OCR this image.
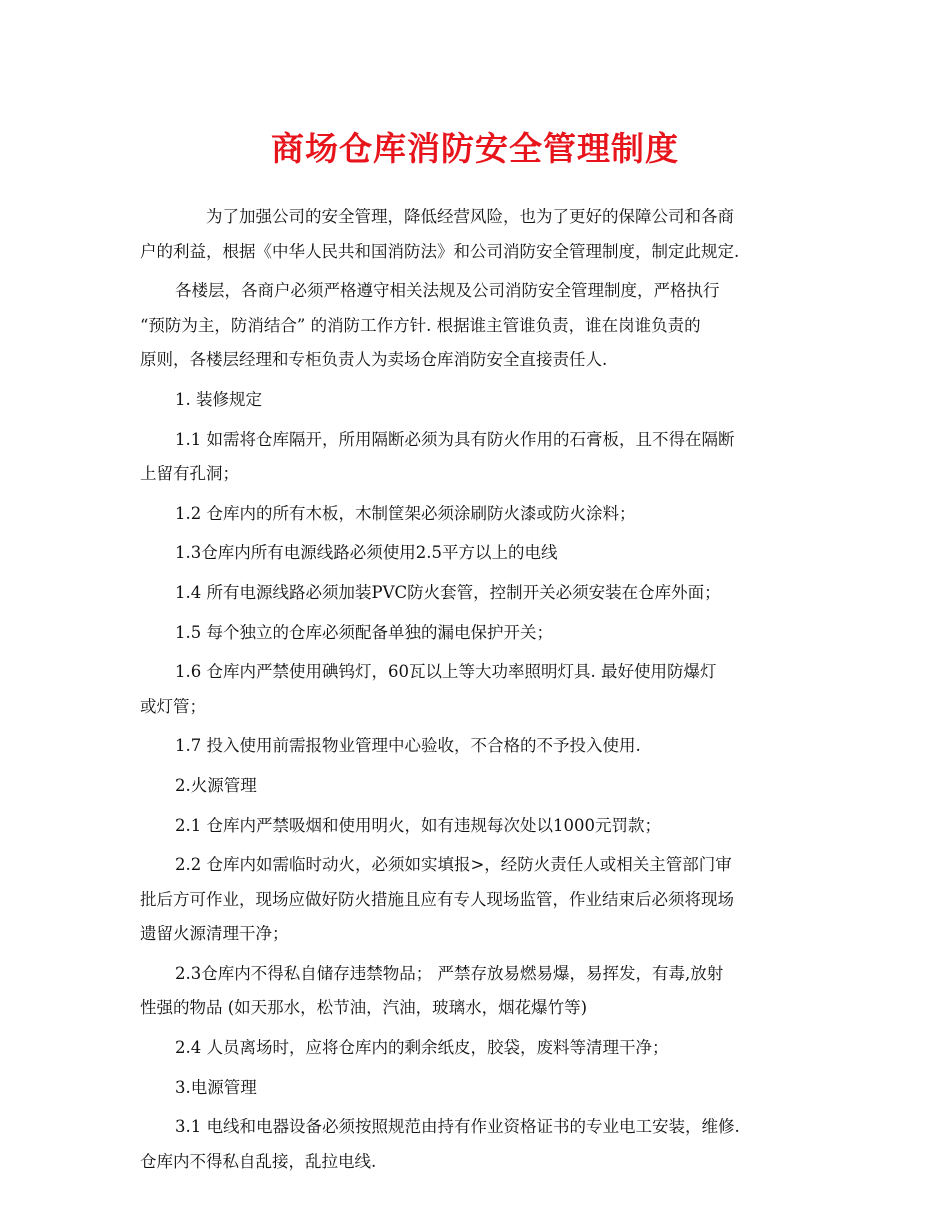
商场仓库消防安全管理制度

为了加强公司的安全管理，降低经营风险，也为了更好的保障公司和各商
户的利益，根据《中华人民共和国消防法》和公司消防安全管理制度，制定此规定.

各楼层，各商户必须严格遵守相关法规及公司消防安全管理制度，严格执行
“预防为主，防消结合” 的消防工作方针. 根据谁主管谁负责，谁在岗谁负责的
原则，各楼层经理和专柜负责人为卖场仓库消防安全直接责任人.

1. 装修规定

1.1 如需将仓库隔开，所用隔断必须为具有防火作用的石膏板，且不得在隔断
上留有孔洞；

1.2 仓库内的所有木板，木制筐架必须涂刷防火漆或防火涂料；

1.3仓库内所有电源线路必须使用2.5平方以上的电线

1.4 所有电源线路必须加装PVC防火套管，控制开关必须安装在仓库外面；

1.5 每个独立的仓库必须配备单独的漏电保护开关；

1.6 仓库内严禁使用碘钨灯，60瓦以上等大功率照明灯具. 最好使用防爆灯
或灯管；

1.7 投入使用前需报物业管理中心验收，不合格的不予投入使用.

2.火源管理

2.1 仓库内严禁吸烟和使用明火，如有违规每次处以1000元罚款；

2.2 仓库内如需临时动火，必须如实填报>，经防火责任人或相关主管部门审
批后方可作业，现场应做好防火措施且应有专人现场监管，作业结束后必须将现场
遗留火源清理干净；

2.3仓库内不得私自储存违禁物品； 严禁存放易燃易爆，易挥发，有毒,放射
性强的物品 (如天那水，松节油，汽油，玻璃水，烟花爆竹等)

2.4 人员离场时，应将仓库内的剩余纸皮，胶袋，废料等清理干净；

3.电源管理

3.1 电线和电器设备必须按照规范由持有作业资格证书的专业电工安装，维修.
仓库内不得私自乱接，乱拉电线.
